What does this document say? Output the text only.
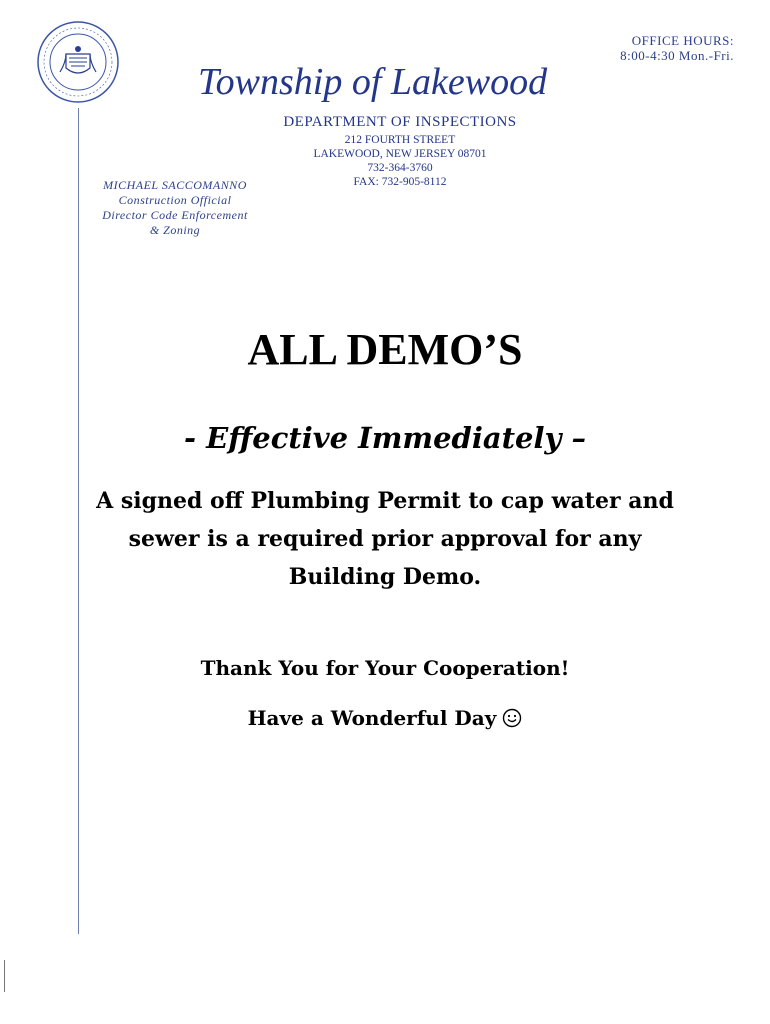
OFFICE HOURS:
8:00-4:30 Mon.-Fri.
Township of Lakewood
DEPARTMENT OF INSPECTIONS
212 FOURTH STREET
LAKEWOOD, NEW JERSEY 08701
732-364-3760
FAX: 732-905-8112
MICHAEL SACCOMANNO
Construction Official
Director Code Enforcement
& Zoning
ALL DEMO’S
- Effective Immediately –
A signed off Plumbing Permit to cap water and
sewer is a required prior approval for any
Building Demo.
Thank You for Your Cooperation!
Have a Wonderful Day
